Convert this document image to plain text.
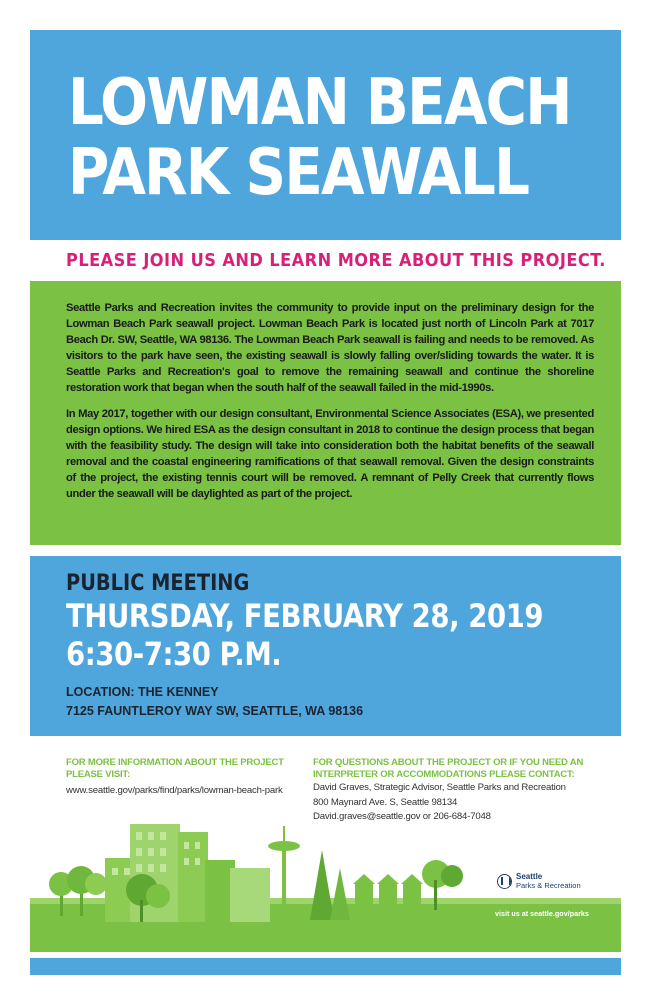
LOWMAN BEACH
PARK SEAWALL
PLEASE JOIN US AND LEARN MORE ABOUT THIS PROJECT.

Seattle Parks and Recreation invites the community to provide input on the preliminary design for the Lowman Beach Park seawall project. Lowman Beach Park is located just north of Lincoln Park at 7017 Beach Dr. SW, Seattle, WA 98136. The Lowman Beach Park seawall is failing and needs to be removed. As visitors to the park have seen, the existing seawall is slowly falling over/sliding towards the water. It is Seattle Parks and Recreation's goal to remove the remaining seawall and continue the shoreline restoration work that began when the south half of the seawall failed in the mid-1990s.

In May 2017, together with our design consultant, Environmental Science Associates (ESA), we presented design options. We hired ESA as the design consultant in 2018 to continue the design process that began with the feasibility study. The design will take into consideration both the habitat benefits of the seawall removal and the coastal engineering ramifications of that seawall removal. Given the design constraints of the project, the existing tennis court will be removed. A remnant of Pelly Creek that currently flows under the seawall will be daylighted as part of the project.

PUBLIC MEETING
THURSDAY, FEBRUARY 28, 2019
6:30-7:30 P.M.
LOCATION: THE KENNEY
7125 FAUNTLEROY WAY SW, SEATTLE, WA 98136
FOR MORE INFORMATION ABOUT THE PROJECT PLEASE VISIT:
www.seattle.gov/parks/find/parks/lowman-beach-park
FOR QUESTIONS ABOUT THE PROJECT OR IF YOU NEED AN INTERPRETER OR ACCOMMODATIONS PLEASE CONTACT:
David Graves, Strategic Advisor, Seattle Parks and Recreation
800 Maynard Ave. S, Seattle 98134
David.graves@seattle.gov or 206-684-7048
Seattle
Parks & Recreation
visit us at seattle.gov/parks
